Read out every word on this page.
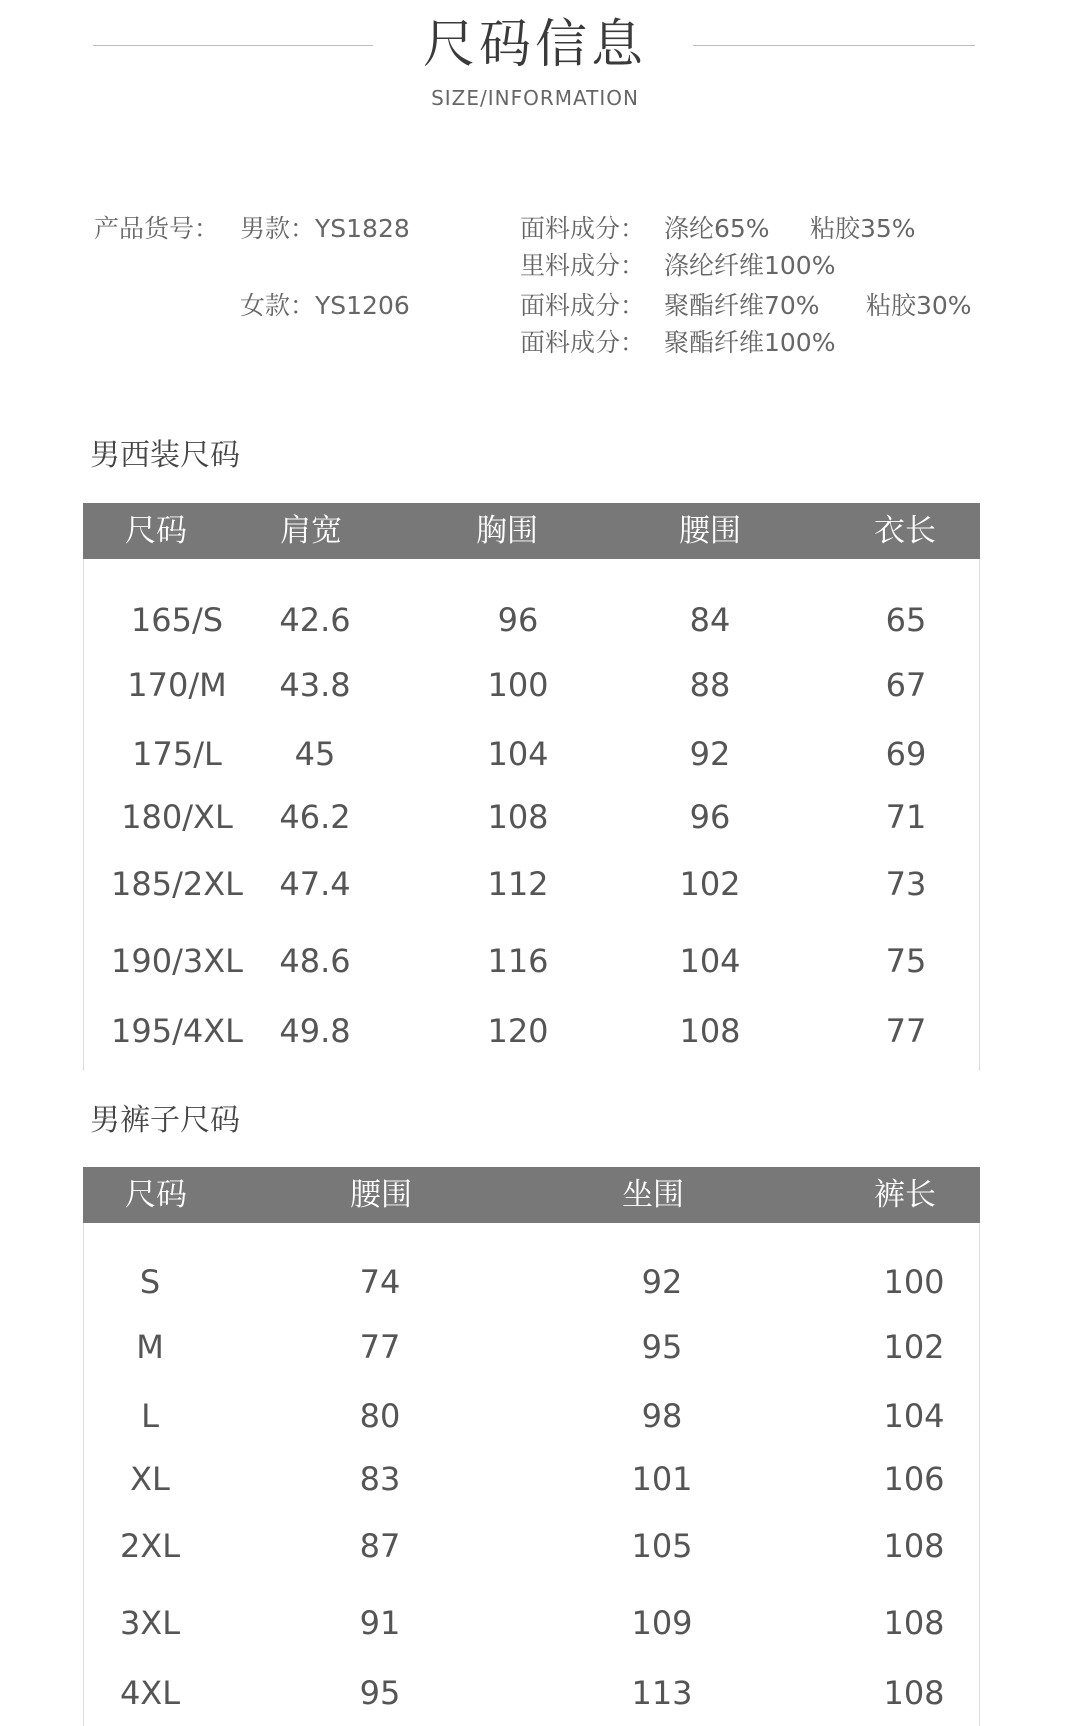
尺码信息
SIZE/INFORMATION
产品货号： 男款：YS1828
女款：YS1206
面料成分： 涤纶65% 粘胶35%
里料成分： 涤纶纤维100%
面料成分： 聚酯纤维70% 粘胶30%
面料成分： 聚酯纤维100%
男西装尺码
尺码	肩宽	胸围	腰围	衣长
165/S	42.6	96	84	65
170/M	43.8	100	88	67
175/L	45	104	92	69
180/XL	46.2	108	96	71
185/2XL	47.4	112	102	73
190/3XL	48.6	116	104	75
195/4XL	49.8	120	108	77
男裤子尺码
尺码	腰围	坐围	裤长
S	74	92	100
M	77	95	102
L	80	98	104
XL	83	101	106
2XL	87	105	108
3XL	91	109	108
4XL	95	113	108
